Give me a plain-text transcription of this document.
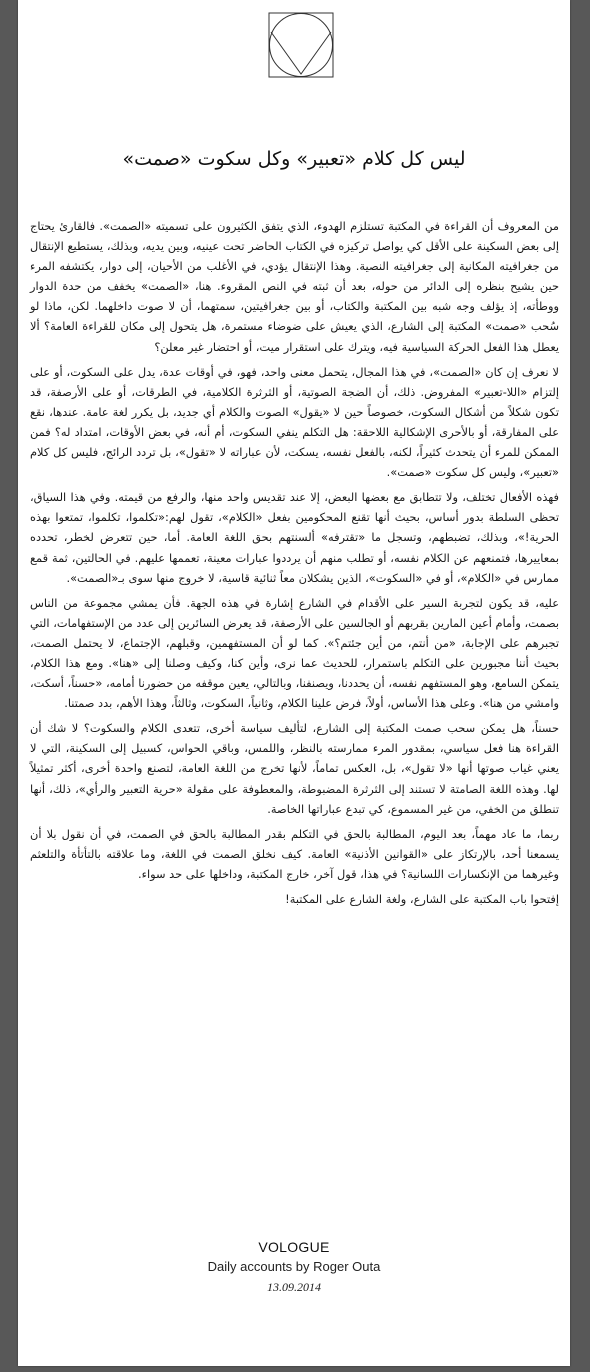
ليس كل كلام «تعبير» وكل سكوت «صمت»

من المعروف أن القراءة في المكتبة تستلزم الهدوء، الذي يتفق الكثيرون على تسميته «الصمت». فالقارئ يحتاج إلى بعض السكينة على الأقل كي يواصل تركيزه في الكتاب الحاضر تحت عينيه، وبين يديه، وبذلك، يستطيع الإنتقال من جغرافيته المكانية إلى جغرافيته النصية. وهذا الإنتقال يؤدي، في الأغلب من الأحيان، إلى دوار، يكتشفه المرء حين يشيح بنظره إلى الدائر من حوله، بعد أن ثبته في النص المقروء. هنا، «الصمت» يخفف من حدة الدوار ووطأته، إذ يؤلف وجه شبه بين المكتبة والكتاب، أو بين جغرافيتين، سمتهما، أن لا صوت داخلهما. لكن، ماذا لو سُحب «صمت» المكتبة إلى الشارع، الذي يعيش على ضوضاء مستمرة، هل يتحول إلى مكان للقراءة العامة؟ ألا يعطل هذا الفعل الحركة السياسية فيه، ويترك على استقرار ميت، أو احتضار غير معلن؟

لا نعرف إن كان «الصمت»، في هذا المجال، يتحمل معنى واحد، فهو، في أوقات عدة، يدل على السكوت، أو على إلتزام «اللا-تعبير» المفروض. ذلك، أن الضجة الصوتية، أو الثرثرة الكلامية، في الطرقات، أو على الأرصفة، قد تكون شكلاً من أشكال السكوت، خصوصاً حين لا «يقول» الصوت والكلام أي جديد، بل يكرر لغة عامة. عندها، نقع على المفارقة، أو بالأحرى الإشكالية اللاحقة: هل التكلم ينفي السكوت، أم أنه، في بعض الأوقات، امتداد له؟ فمن الممكن للمرء أن يتحدث كثيراً، لكنه، بالفعل نفسه، يسكت، لأن عباراته لا «تقول»، بل تردد الرائج، فليس كل كلام «تعبير»، وليس كل سكوت «صمت».

فهذه الأفعال تختلف، ولا تتطابق مع بعضها البعض، إلا عند تقديس واحد منها، والرفع من قيمته. وفي هذا السياق، تحظى السلطة بدور أساس، بحيث أنها تقنع المحكومين بفعل «الكلام»، تقول لهم:«تكلموا، تكلموا، تمتعوا بهذه الحرية!»، وبذلك، تضبطهم، وتسجل ما «تقترفه» ألسنتهم بحق اللغة العامة. أما، حين تتعرض لخطر، تحدده بمعاييرها، فتمنعهم عن الكلام نفسه، أو تطلب منهم أن يرددوا عبارات معينة، تعممها عليهم. في الحالتين، ثمة قمع ممارس في «الكلام»، أو في «السكوت»، الذين يشكلان معاً ثنائية قاسية، لا خروج منها سوى بـ«الصمت».

عليه، قد يكون لتجربة السير على الأقدام في الشارع إشارة في هذه الجهة. فأن يمشي مجموعة من الناس بصمت، وأمام أعين المارين بقربهم أو الجالسين على الأرصفة، قد يعرض السائرين إلى عدد من الإستفهامات، التي تجبرهم على الإجابة، «من أنتم، من أين جئتم؟». كما لو أن المستفهمين، وقبلهم، الإجتماع، لا يحتمل الصمت، بحيث أننا مجبورين على التكلم باستمرار، للحديث عما نرى، وأين كنا، وكيف وصلنا إلى «هنا». ومع هذا الكلام، يتمكن السامع، وهو المستفهم نفسه، أن يحددنا، ويصنفنا، وبالتالي، يعين موقفه من حضورنا أمامه، «حسناً، أسكت، وامشي من هنا». وعلى هذا الأساس، أولاً، فرض علينا الكلام، وثانياً، السكوت، وثالثاً، وهذا الأهم، بدد صمتنا.

حسناً، هل يمكن سحب صمت المكتبة إلى الشارع، لتأليف سياسة أخرى، تتعدى الكلام والسكوت؟ لا شك أن القراءة هنا فعل سياسي، بمقدور المرء ممارسته بالنظر، واللمس، وباقي الحواس، كسبيل إلى السكينة، التي لا يعني غياب صوتها أنها «لا تقول»، بل، العكس تماماً، لأنها تخرج من اللغة العامة، لتصنع واحدة أخرى، أكثر تمثيلاً لها. وهذه اللغة الصامتة لا تستند إلى الثرثرة المضبوطة، والمعطوفة على مقولة «حرية التعبير والرأي»، ذلك، أنها تنطلق من الخفي، من غير المسموع، كي تبدع عباراتها الخاصة.

ربما، ما عاد مهماً، بعد اليوم، المطالبة بالحق في التكلم بقدر المطالبة بالحق في الصمت، في أن نقول بلا أن يسمعنا أحد، بالإرتكاز على «القوانين الأذنية» العامة. كيف نخلق الصمت في اللغة، وما علاقته بالتأتأة والتلعثم وغيرهما من الإنكسارات اللسانية؟ في هذا، قول آخر، خارج المكتبة، وداخلها على حد سواء.

إفتحوا باب المكتبة على الشارع، ولغة الشارع على المكتبة!

VOLOGUE
Daily accounts by Roger Outa
13.09.2014
